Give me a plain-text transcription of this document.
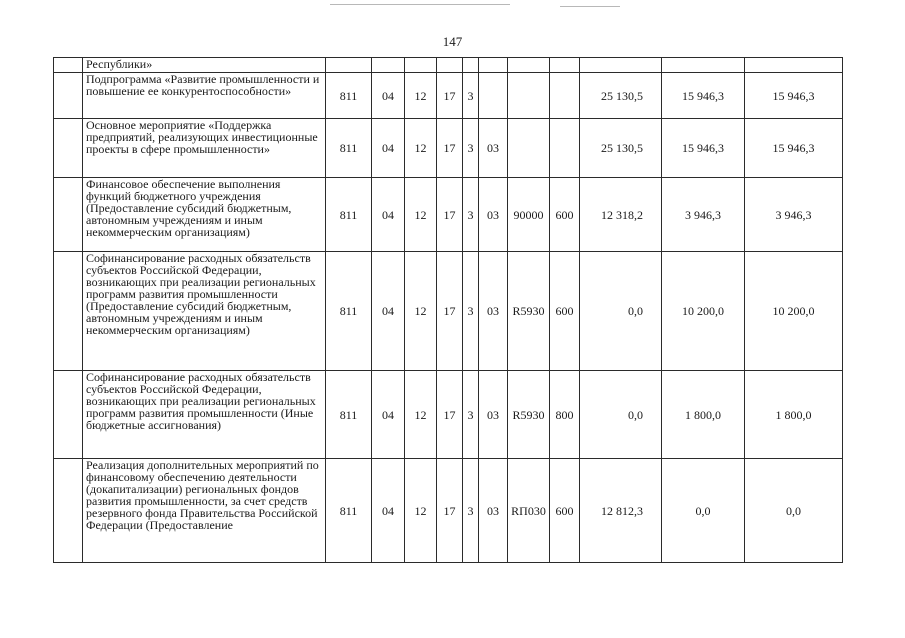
147
	Республики»											
	Подпрограмма «Развитие промышленности и повышение ее конкурентоспособности»	811	04	12	17	3				25 130,5	15 946,3	15 946,3
	Основное мероприятие «Поддержка предприятий, реализующих инвестиционные проекты в сфере промышленности»	811	04	12	17	3	03			25 130,5	15 946,3	15 946,3
	Финансовое обеспечение выполнения функций бюджетного учреждения (Предоставление субсидий бюджетным, автономным учреждениям и иным некоммерческим организациям)	811	04	12	17	3	03	90000	600	12 318,2	3 946,3	3 946,3
	Софинансирование расходных обязательств субъектов Российской Федерации, возникающих при реализации региональных программ развития промышленности (Предоставление субсидий бюджетным, автономным учреждениям и иным некоммерческим организациям)	811	04	12	17	3	03	R5930	600	0,0	10 200,0	10 200,0
	Софинансирование расходных обязательств субъектов Российской Федерации, возникающих при реализации региональных программ развития промышленности (Иные бюджетные ассигнования)	811	04	12	17	3	03	R5930	800	0,0	1 800,0	1 800,0
	Реализация дополнительных мероприятий по финансовому обеспечению деятельности (докапитализации) региональных фондов развития промышленности, за счет средств резервного фонда Правительства Российской Федерации (Предоставление	811	04	12	17	3	03	RП030	600	12 812,3	0,0	0,0
